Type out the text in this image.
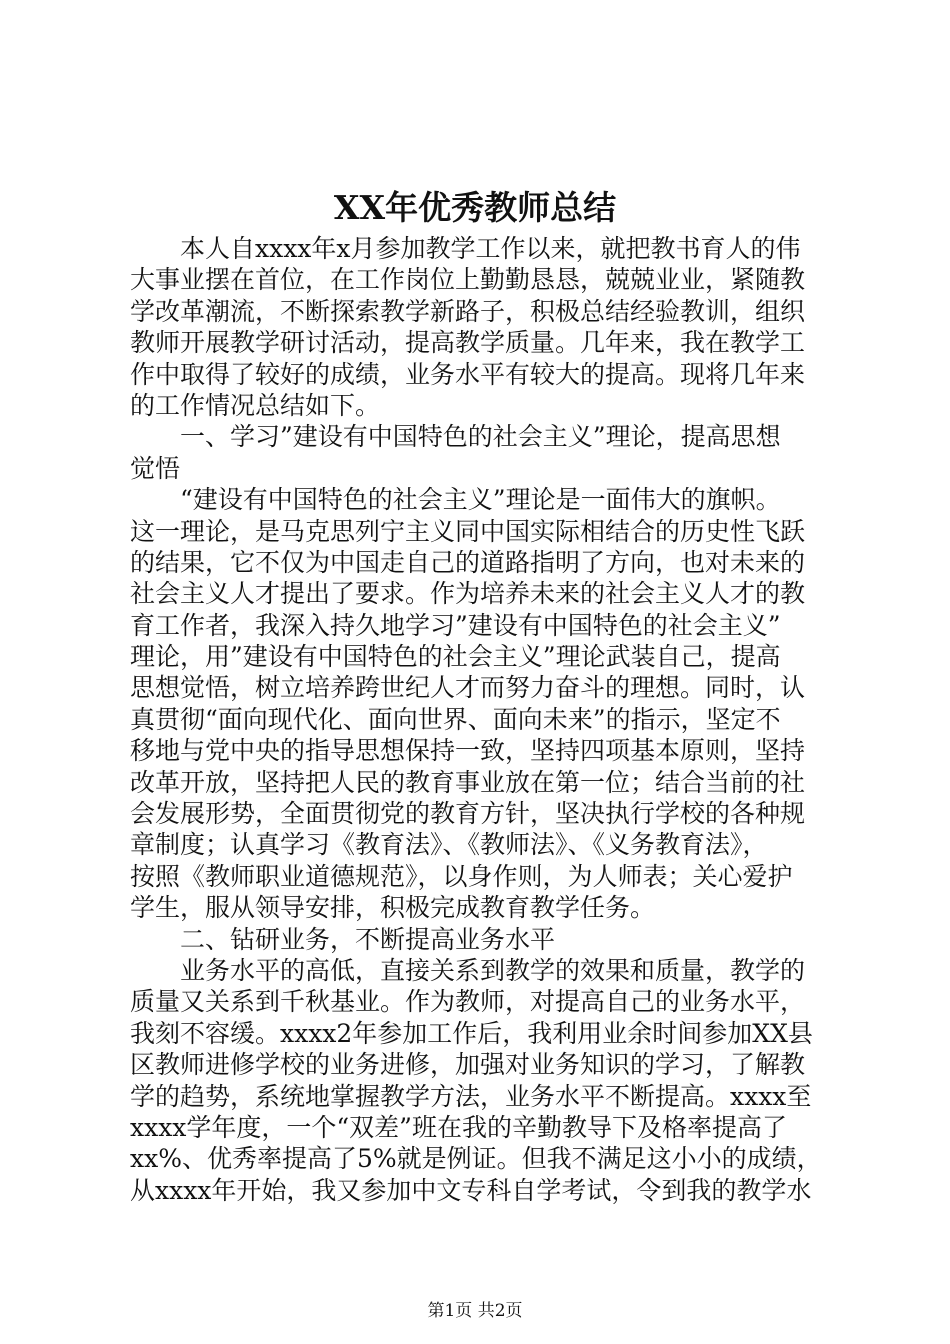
XX年优秀教师总结
　　本人自xxxx年x月参加教学工作以来，就把教书育人的伟
大事业摆在首位，在工作岗位上勤勤恳恳，兢兢业业，紧随教
学改革潮流，不断探索教学新路子，积极总结经验教训，组织
教师开展教学研讨活动，提高教学质量。几年来，我在教学工
作中取得了较好的成绩，业务水平有较大的提高。现将几年来
的工作情况总结如下。
　　一、学习”建设有中国特色的社会主义”理论，提高思想
觉悟
　　“建设有中国特色的社会主义”理论是一面伟大的旗帜。
这一理论，是马克思列宁主义同中国实际相结合的历史性飞跃
的结果，它不仅为中国走自己的道路指明了方向，也对未来的
社会主义人才提出了要求。作为培养未来的社会主义人才的教
育工作者，我深入持久地学习”建设有中国特色的社会主义”
理论，用”建设有中国特色的社会主义”理论武装自己，提高
思想觉悟，树立培养跨世纪人才而努力奋斗的理想。同时，认
真贯彻“面向现代化、面向世界、面向未来”的指示，坚定不
移地与党中央的指导思想保持一致，坚持四项基本原则，坚持
改革开放，坚持把人民的教育事业放在第一位；结合当前的社
会发展形势，全面贯彻党的教育方针，坚决执行学校的各种规
章制度；认真学习《教育法》、《教师法》、《义务教育法》，
按照《教师职业道德规范》，以身作则，为人师表；关心爱护
学生，服从领导安排，积极完成教育教学任务。
　　二、钻研业务，不断提高业务水平
　　业务水平的高低，直接关系到教学的效果和质量，教学的
质量又关系到千秋基业。作为教师，对提高自己的业务水平，
我刻不容缓。xxxx2年参加工作后，我利用业余时间参加XX县
区教师进修学校的业务进修，加强对业务知识的学习，了解教
学的趋势，系统地掌握教学方法，业务水平不断提高。xxxx至
xxxx学年度，一个“双差”班在我的辛勤教导下及格率提高了
xx%、优秀率提高了5%就是例证。但我不满足这小小的成绩，
从xxxx年开始，我又参加中文专科自学考试，令到我的教学水
第1页 共2页
